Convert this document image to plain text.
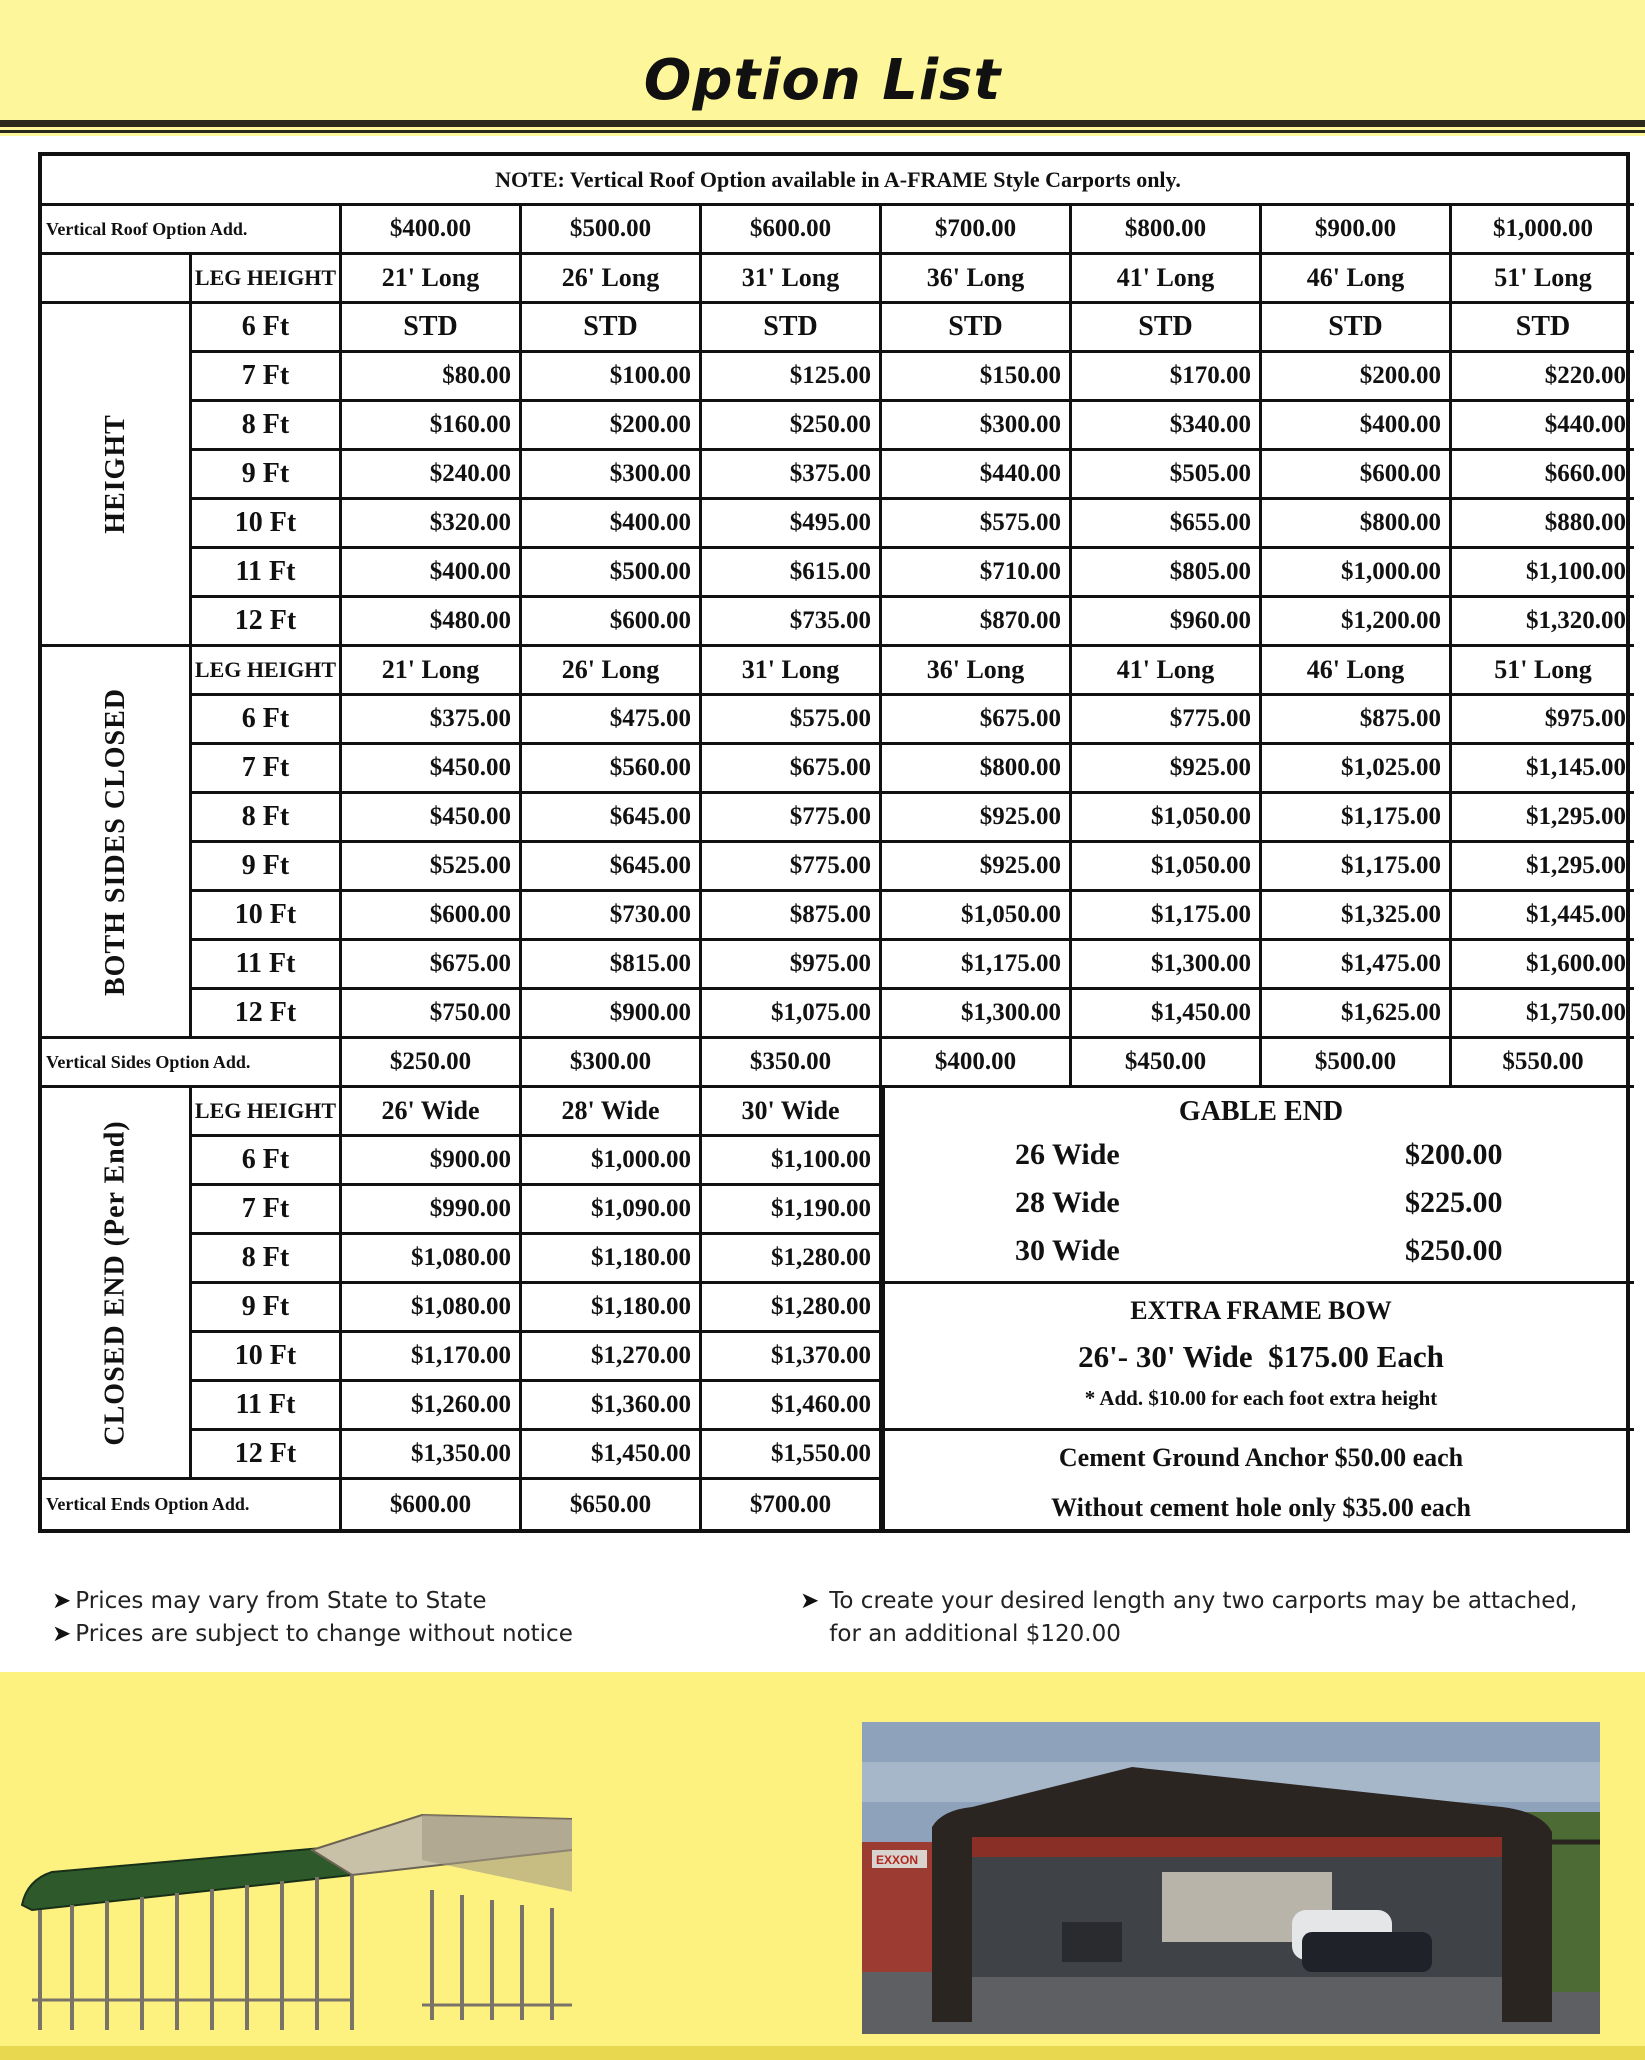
Option List
NOTE: Vertical Roof Option available in A-FRAME Style Carports only.
Vertical Roof Option Add.	$400.00	$500.00	$600.00	$700.00	$800.00	$900.00	$1,000.00
LEG HEIGHT	21' Long	26' Long	31' Long	36' Long	41' Long	46' Long	51' Long
6 Ft	STD	STD	STD	STD	STD	STD	STD
7 Ft	$80.00	$100.00	$125.00	$150.00	$170.00	$200.00	$220.00
8 Ft	$160.00	$200.00	$250.00	$300.00	$340.00	$400.00	$440.00
9 Ft	$240.00	$300.00	$375.00	$440.00	$505.00	$600.00	$660.00
10 Ft	$320.00	$400.00	$495.00	$575.00	$655.00	$800.00	$880.00
11 Ft	$400.00	$500.00	$615.00	$710.00	$805.00	$1,000.00	$1,100.00
12 Ft	$480.00	$600.00	$735.00	$870.00	$960.00	$1,200.00	$1,320.00
HEIGHT
LEG HEIGHT	21' Long	26' Long	31' Long	36' Long	41' Long	46' Long	51' Long
6 Ft	$375.00	$475.00	$575.00	$675.00	$775.00	$875.00	$975.00
7 Ft	$450.00	$560.00	$675.00	$800.00	$925.00	$1,025.00	$1,145.00
8 Ft	$450.00	$645.00	$775.00	$925.00	$1,050.00	$1,175.00	$1,295.00
9 Ft	$525.00	$645.00	$775.00	$925.00	$1,050.00	$1,175.00	$1,295.00
10 Ft	$600.00	$730.00	$875.00	$1,050.00	$1,175.00	$1,325.00	$1,445.00
11 Ft	$675.00	$815.00	$975.00	$1,175.00	$1,300.00	$1,475.00	$1,600.00
12 Ft	$750.00	$900.00	$1,075.00	$1,300.00	$1,450.00	$1,625.00	$1,750.00
BOTH SIDES CLOSED
Vertical Sides Option Add.	$250.00	$300.00	$350.00	$400.00	$450.00	$500.00	$550.00
LEG HEIGHT	26' Wide	28' Wide	30' Wide
6 Ft	$900.00	$1,000.00	$1,100.00
7 Ft	$990.00	$1,090.00	$1,190.00
8 Ft	$1,080.00	$1,180.00	$1,280.00
9 Ft	$1,080.00	$1,180.00	$1,280.00
10 Ft	$1,170.00	$1,270.00	$1,370.00
11 Ft	$1,260.00	$1,360.00	$1,460.00
12 Ft	$1,350.00	$1,450.00	$1,550.00
CLOSED END (Per End)
Vertical Ends Option Add.	$600.00	$650.00	$700.00
GABLE END
26 Wide	$200.00
28 Wide	$225.00
30 Wide	$250.00
EXTRA FRAME BOW
26'- 30' Wide  $175.00 Each
* Add. $10.00 for each foot extra height
Cement Ground Anchor $50.00 each
Without cement hole only $35.00 each
➤ Prices may vary from State to State
➤ Prices are subject to change without notice
➤ To create your desired length any two carports may be attached, for an additional $120.00
EXXON
